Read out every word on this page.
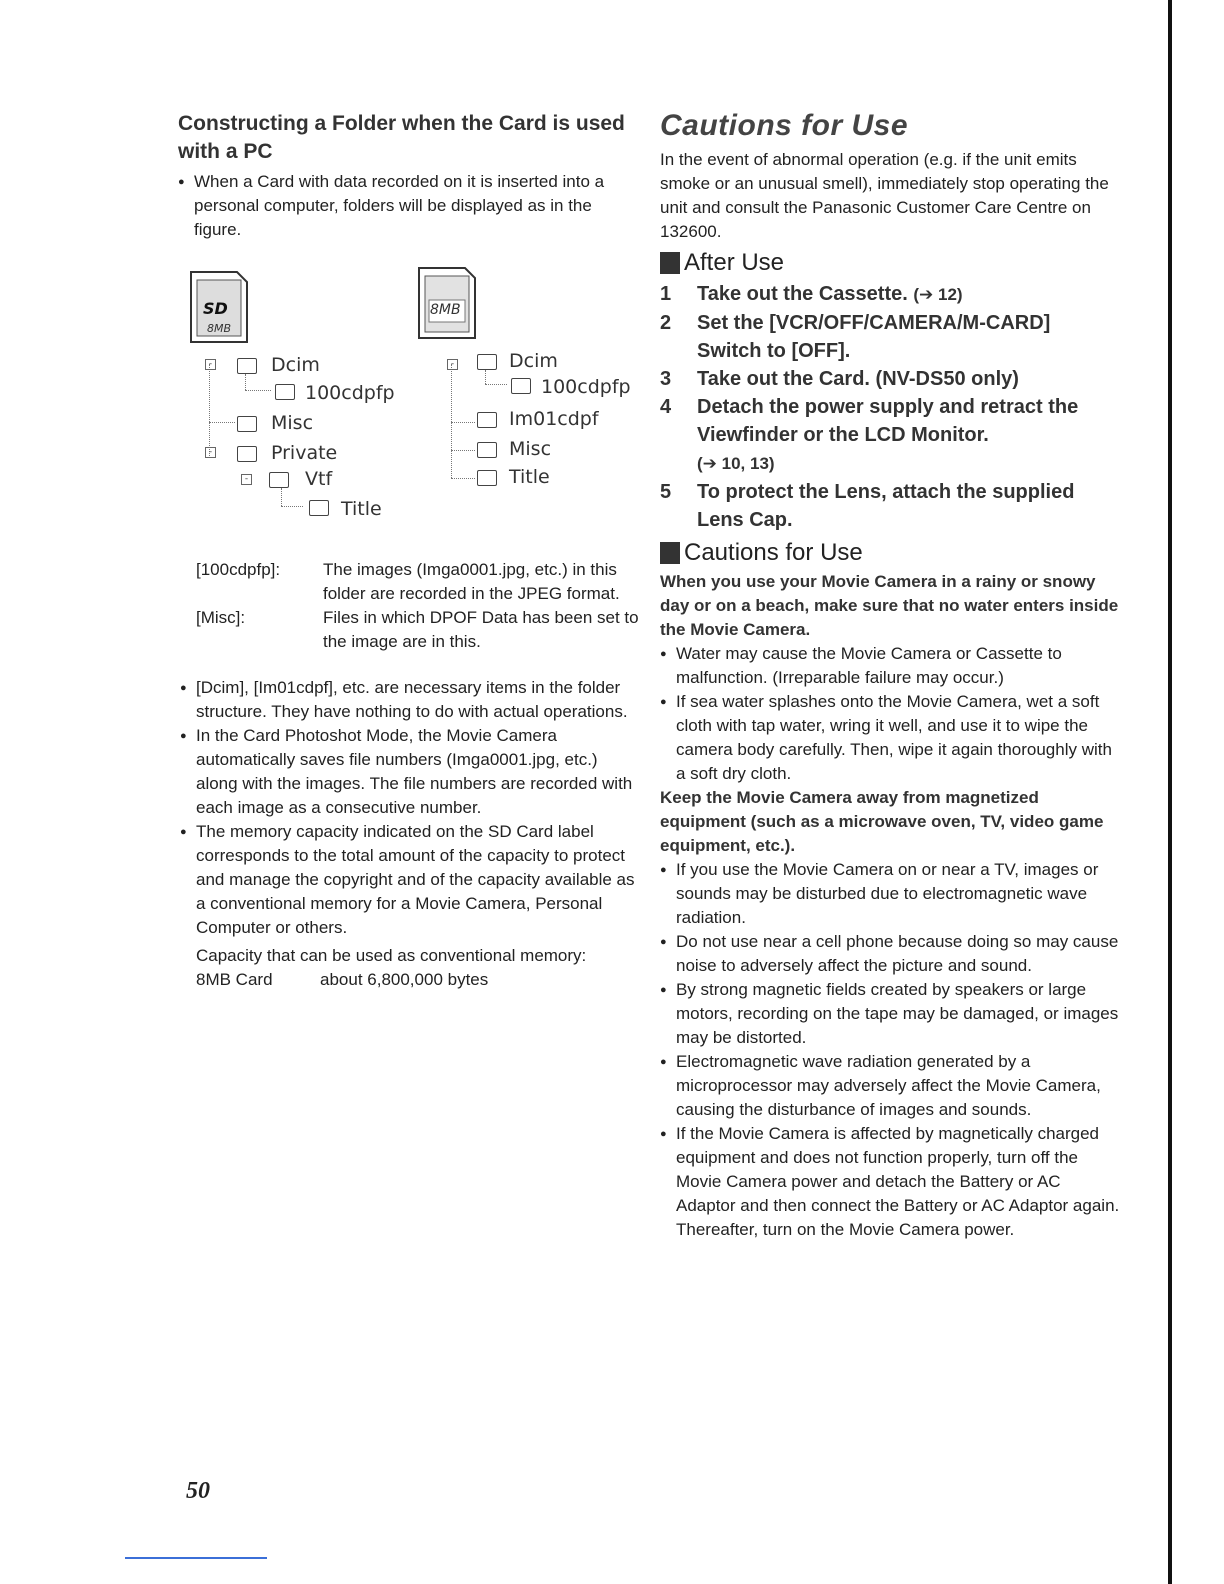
Constructing a Folder when the Card is used with a PC

● When a Card with data recorded on it is inserted into a personal computer, folders will be displayed as in the figure.

SD
8MB
8MB
-	Dcim
100cdpfp
Misc
-	Private
-	Vtf
Title
-	Dcim
100cdpfp
Im01cdpf
Misc
Title
[100cdpfp]:	The images (Imga0001.jpg, etc.) in this folder are recorded in the JPEG format.
[Misc]:	Files in which DPOF Data has been set to the image are in this.

● [Dcim], [Im01cdpf], etc. are necessary items in the folder structure. They have nothing to do with actual operations.

● In the Card Photoshot Mode, the Movie Camera automatically saves file numbers (Imga0001.jpg, etc.) along with the images. The file numbers are recorded with each image as a consecutive number.

● The memory capacity indicated on the SD Card label corresponds to the total amount of the capacity to protect and manage the copyright and of the capacity available as a conventional memory for a Movie Camera, Personal Computer or others.

Capacity that can be used as conventional memory:

8MB Card	about 6,800,000 bytes
Cautions for Use

In the event of abnormal operation (e.g. if the unit emits smoke or an unusual smell), immediately stop operating the unit and consult the Panasonic Customer Care Centre on 132600.

After Use
1	Take out the Cassette. (➔ 12)
2	Set the [VCR/OFF/CAMERA/M-CARD] Switch to [OFF].
3	Take out the Card. (NV-DS50 only)
4	Detach the power supply and retract the Viewfinder or the LCD Monitor.
(➔ 10, 13)
5	To protect the Lens, attach the supplied Lens Cap.
Cautions for Use

When you use your Movie Camera in a rainy or snowy day or on a beach, make sure that no water enters inside the Movie Camera.

● Water may cause the Movie Camera or Cassette to malfunction. (Irreparable failure may occur.)

● If sea water splashes onto the Movie Camera, wet a soft cloth with tap water, wring it well, and use it to wipe the camera body carefully. Then, wipe it again thoroughly with a soft dry cloth.

Keep the Movie Camera away from magnetized equipment (such as a microwave oven, TV, video game equipment, etc.).

● If you use the Movie Camera on or near a TV, images or sounds may be disturbed due to electromagnetic wave radiation.

● Do not use near a cell phone because doing so may cause noise to adversely affect the picture and sound.

● By strong magnetic fields created by speakers or large motors, recording on the tape may be damaged, or images may be distorted.

● Electromagnetic wave radiation generated by a microprocessor may adversely affect the Movie Camera, causing the disturbance of images and sounds.

● If the Movie Camera is affected by magnetically charged equipment and does not function properly, turn off the Movie Camera power and detach the Battery or AC Adaptor and then connect the Battery or AC Adaptor again. Thereafter, turn on the Movie Camera power.

50
